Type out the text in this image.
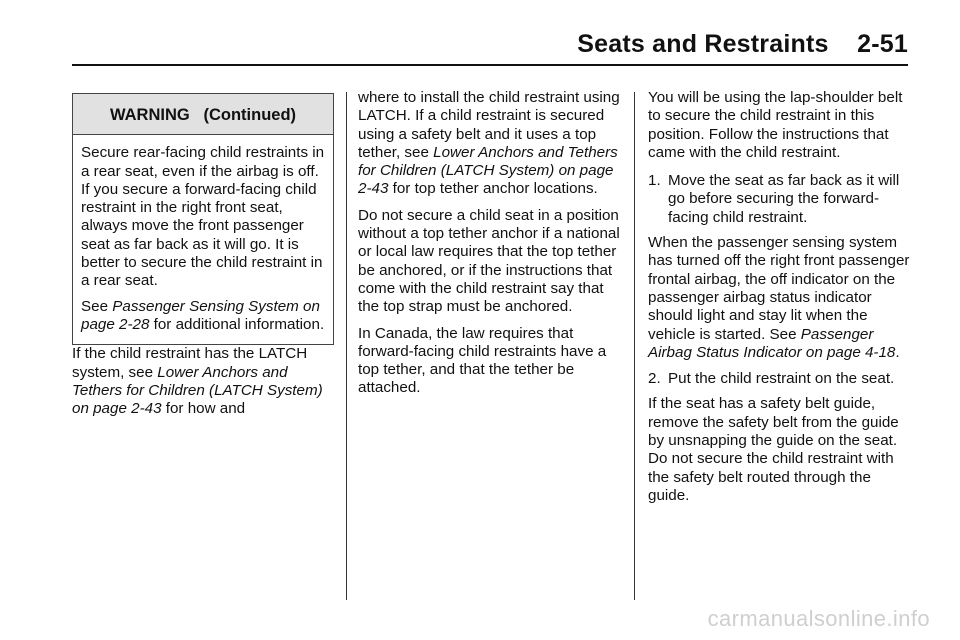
Seats and Restraints    2-51
WARNING   (Continued)

Secure rear-facing child restraints in a rear seat, even if the airbag is off. If you secure a forward-facing child restraint in the right front seat, always move the front passenger seat as far back as it will go. It is better to secure the child restraint in a rear seat.

See Passenger Sensing System on page 2-28 for additional information.

If the child restraint has the LATCH system, see Lower Anchors and Tethers for Children (LATCH System) on page 2-43 for how and

where to install the child restraint using LATCH. If a child restraint is secured using a safety belt and it uses a top tether, see Lower Anchors and Tethers for Children (LATCH System) on page 2-43 for top tether anchor locations.

Do not secure a child seat in a position without a top tether anchor if a national or local law requires that the top tether be anchored, or if the instructions that come with the child restraint say that the top strap must be anchored.

In Canada, the law requires that forward-facing child restraints have a top tether, and that the tether be attached.

You will be using the lap-shoulder belt to secure the child restraint in this position. Follow the instructions that came with the child restraint.

1. Move the seat as far back as it will go before securing the forward-facing child restraint.

When the passenger sensing system has turned off the right front passenger frontal airbag, the off indicator on the passenger airbag status indicator should light and stay lit when the vehicle is started. See Passenger Airbag Status Indicator on page 4-18.

2. Put the child restraint on the seat.

If the seat has a safety belt guide, remove the safety belt from the guide by unsnapping the guide on the seat. Do not secure the child restraint with the safety belt routed through the guide.

carmanualsonline.info
